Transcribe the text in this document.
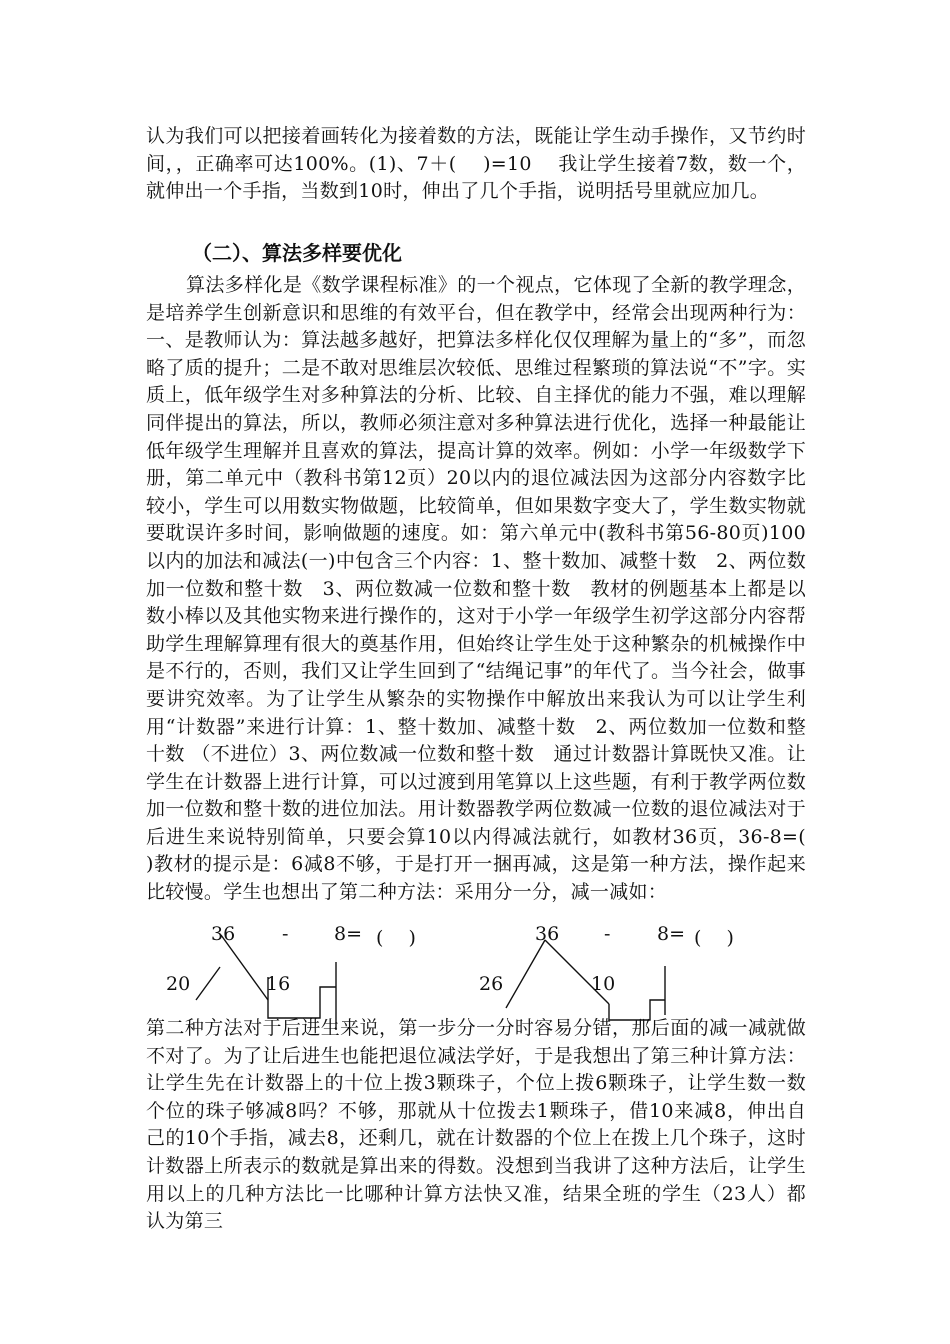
认为我们可以把接着画转化为接着数的方法，既能让学生动手操作，又节约时间，，正确率可达100%。(1)、7＋(　 )=10　 我让学生接着7数，数一个，就伸出一个手指，当数到10时，伸出了几个手指，说明括号里就应加几。

（二）、算法多样要优化

算法多样化是《数学课程标准》的一个视点，它体现了全新的教学理念，是培养学生创新意识和思维的有效平台，但在教学中，经常会出现两种行为：一、是教师认为：算法越多越好，把算法多样化仅仅理解为量上的“多”，而忽略了质的提升；二是不敢对思维层次较低、思维过程繁琐的算法说“不”字。实质上，低年级学生对多种算法的分析、比较、自主择优的能力不强，难以理解同伴提出的算法，所以，教师必须注意对多种算法进行优化，选择一种最能让低年级学生理解并且喜欢的算法，提高计算的效率。例如：小学一年级数学下册，第二单元中（教科书第12页）20以内的退位减法因为这部分内容数字比较小，学生可以用数实物做题，比较简单，但如果数字变大了，学生数实物就要耽误许多时间，影响做题的速度。如：第六单元中(教科书第56-80页)100以内的加法和减法(一)中包含三个内容：1、整十数加、减整十数　2、两位数加一位数和整十数　3、两位数减一位数和整十数　教材的例题基本上都是以数小棒以及其他实物来进行操作的，这对于小学一年级学生初学这部分内容帮助学生理解算理有很大的奠基作用，但始终让学生处于这种繁杂的机械操作中是不行的，否则，我们又让学生回到了“结绳记事”的年代了。当今社会，做事要讲究效率。为了让学生从繁杂的实物操作中解放出来我认为可以让学生利用“计数器”来进行计算：1、整十数加、减整十数　2、两位数加一位数和整十数 （不进位）3、两位数减一位数和整十数　通过计数器计算既快又准。让学生在计数器上进行计算，可以过渡到用笔算以上这些题，有利于教学两位数加一位数和整十数的进位加法。用计数器教学两位数减一位数的退位减法对于后进生来说特别简单，只要会算10以内得减法就行，如教材36页，36-8=(　 )教材的提示是：6减8不够，于是打开一捆再减，这是第一种方法，操作起来比较慢。学生也想出了第二种方法：采用分一分，减一减如：

36 - 8= (　 )
20	16
36 - 8= (　 )
26	10

第二种方法对于后进生来说，第一步分一分时容易分错，那后面的减一减就做不对了。为了让后进生也能把退位减法学好，于是我想出了第三种计算方法：让学生先在计数器上的十位上拨3颗珠子，个位上拨6颗珠子，让学生数一数个位的珠子够减8吗？不够，那就从十位拨去1颗珠子，借10来减8，伸出自己的10个手指，减去8，还剩几，就在计数器的个位上在拨上几个珠子，这时计数器上所表示的数就是算出来的得数。没想到当我讲了这种方法后，让学生用以上的几种方法比一比哪种计算方法快又准，结果全班的学生（23人）都认为第三
